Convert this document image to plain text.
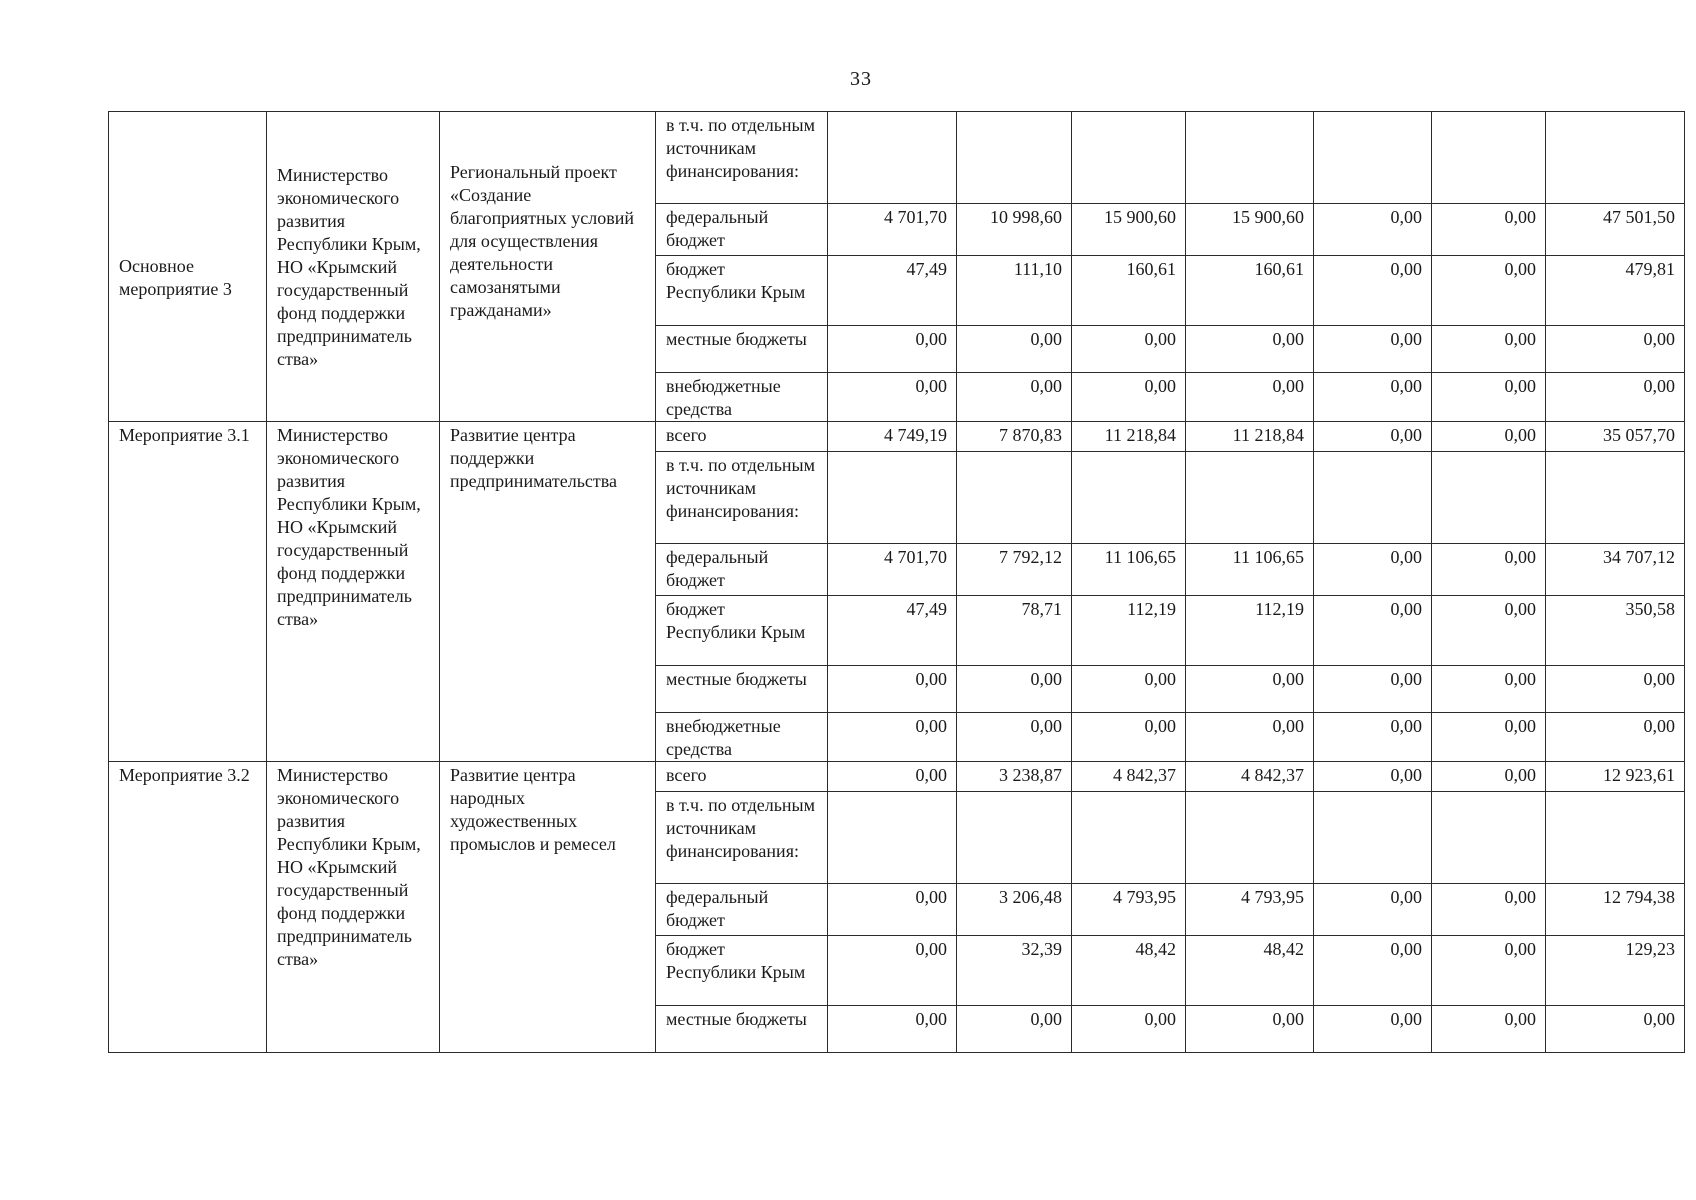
33
Основное мероприятие 3	Министерство экономического развития Республики Крым, НО «Крымский государственный фонд поддержки предприниматель ства»	Региональный проект «Создание благоприятных условий для осуществления деятельности самозанятыми гражданами»	в т.ч. по отдельным источникам финансирования:							
			федеральный бюджет	4 701,70	10 998,60	15 900,60	15 900,60	0,00	0,00	47 501,50
			бюджет Республики Крым	47,49	111,10	160,61	160,61	0,00	0,00	479,81
			местные бюджеты	0,00	0,00	0,00	0,00	0,00	0,00	0,00
			внебюджетные средства	0,00	0,00	0,00	0,00	0,00	0,00	0,00
Мероприятие 3.1	Министерство экономического развития Республики Крым, НО «Крымский государственный фонд поддержки предприниматель ства»	Развитие центра поддержки предпринимательства	всего	4 749,19	7 870,83	11 218,84	11 218,84	0,00	0,00	35 057,70
			в т.ч. по отдельным источникам финансирования:							
			федеральный бюджет	4 701,70	7 792,12	11 106,65	11 106,65	0,00	0,00	34 707,12
			бюджет Республики Крым	47,49	78,71	112,19	112,19	0,00	0,00	350,58
			местные бюджеты	0,00	0,00	0,00	0,00	0,00	0,00	0,00
			внебюджетные средства	0,00	0,00	0,00	0,00	0,00	0,00	0,00
Мероприятие 3.2	Министерство экономического развития Республики Крым, НО «Крымский государственный фонд поддержки предприниматель ства»	Развитие центра народных художественных промыслов и ремесел	всего	0,00	3 238,87	4 842,37	4 842,37	0,00	0,00	12 923,61
			в т.ч. по отдельным источникам финансирования:							
			федеральный бюджет	0,00	3 206,48	4 793,95	4 793,95	0,00	0,00	12 794,38
			бюджет Республики Крым	0,00	32,39	48,42	48,42	0,00	0,00	129,23
			местные бюджеты	0,00	0,00	0,00	0,00	0,00	0,00	0,00
